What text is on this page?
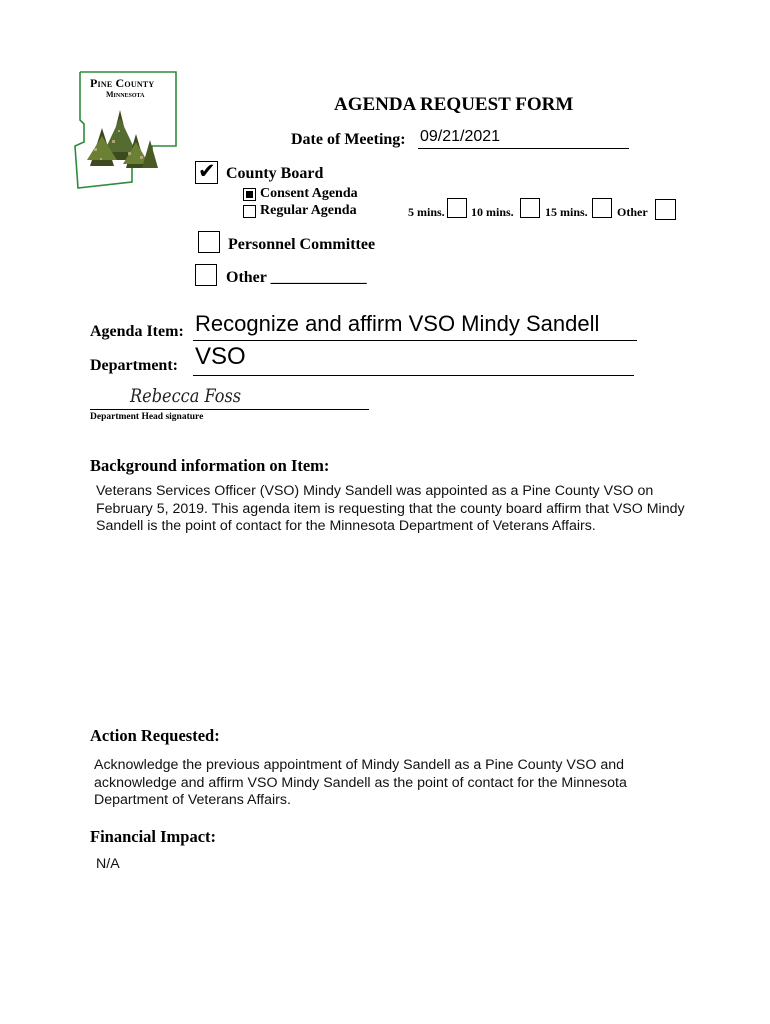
Pine County
Minnesota	AGENDA REQUEST FORM
Date of Meeting: 09/21/2021
✔ County Board
Consent Agenda
Regular Agenda	5 mins. 10 mins.	15 mins. Other
Personnel Committee
Other ____________
Agenda Item: Recognize and affirm VSO Mindy Sandell
Department: VSO
Rebecca Foss
Department Head signature
Background information on Item:
Veterans Services Officer (VSO) Mindy Sandell was appointed as a Pine County VSO on
February 5, 2019. This agenda item is requesting that the county board affirm that VSO Mindy
Sandell is the point of contact for the Minnesota Department of Veterans Affairs.
Action Requested:
Acknowledge the previous appointment of Mindy Sandell as a Pine County VSO and
acknowledge and affirm VSO Mindy Sandell as the point of contact for the Minnesota
Department of Veterans Affairs.
Financial Impact:
N/A
